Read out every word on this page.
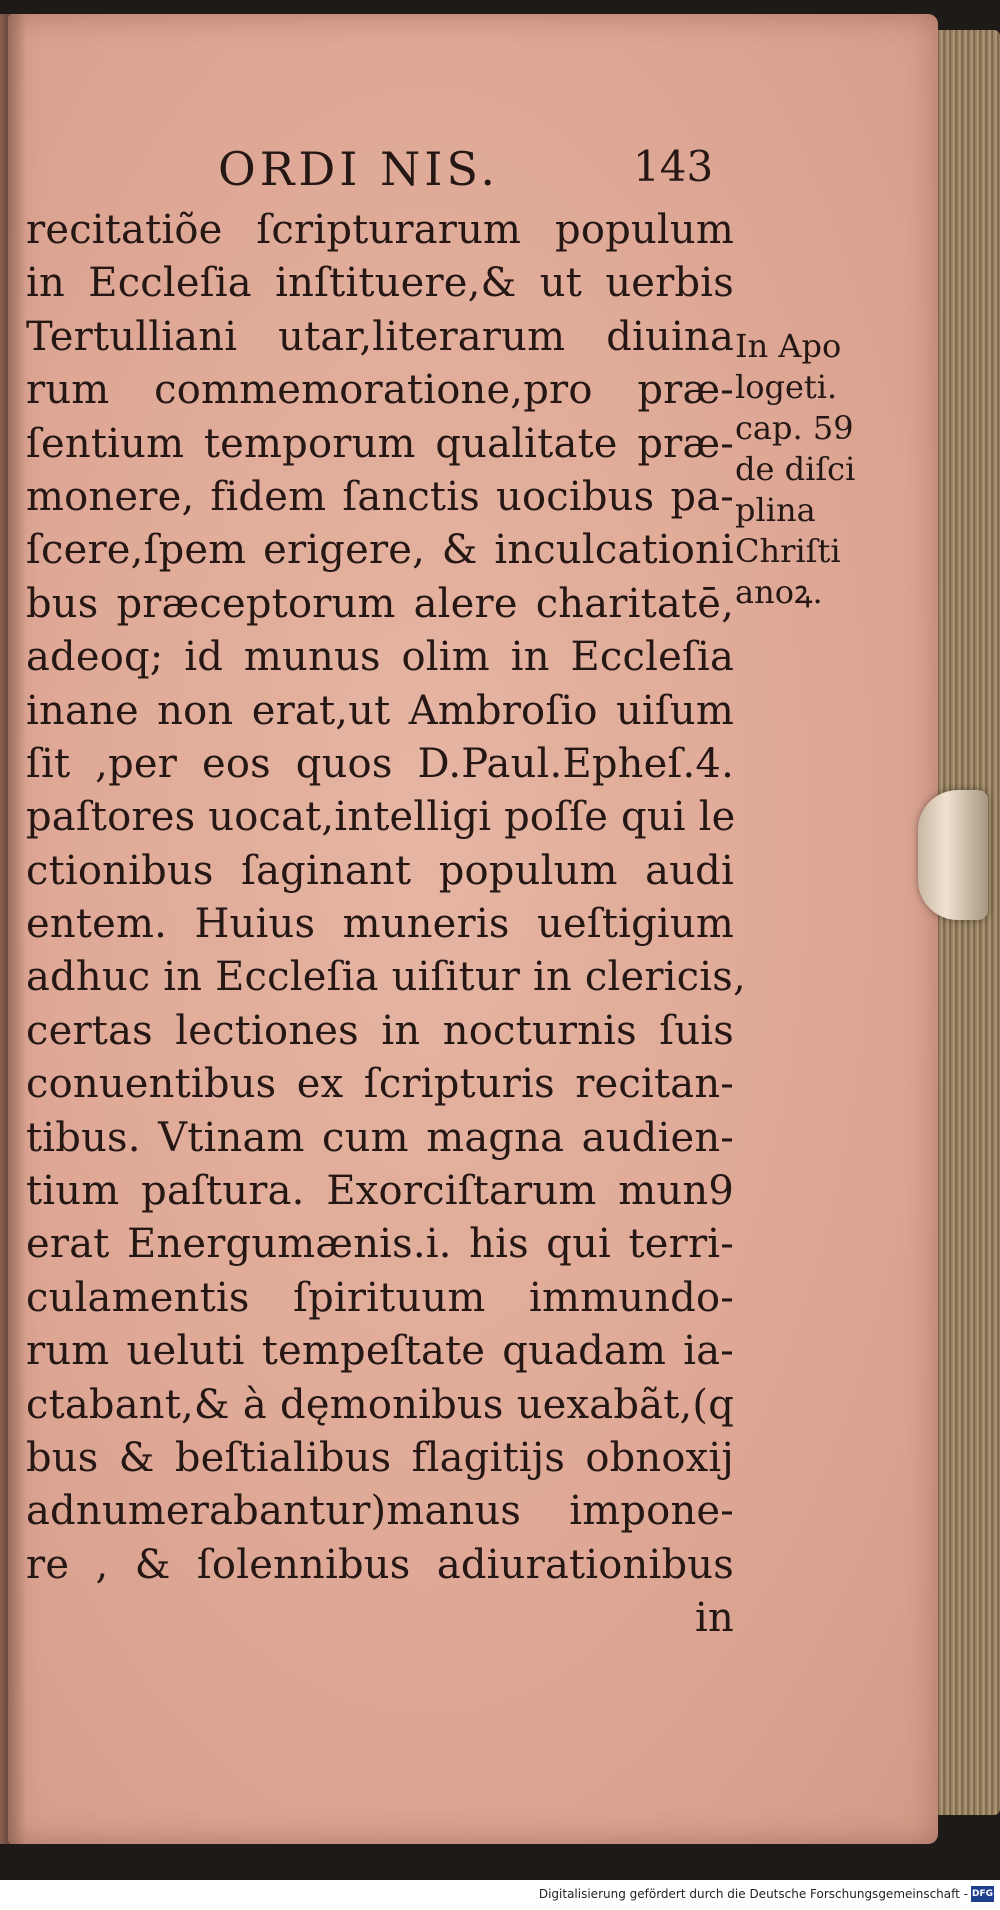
ORDI NIS.	143
recitatiõe ſcripturarum populum
in Eccleſia inſtituere,& ut uerbis
Tertulliani utar,literarum diuina
rum commemoratione,pro præ-
ſentium temporum qualitate præ-
monere, fidem ſanctis uocibus pa-
ſcere,ſpem erigere, & inculcationi
bus præceptorum alere charitatē,
adeoq; id munus olim in Eccleſia
inane non erat,ut Ambroſio uiſum
ſit ,per eos quos D.Paul.Epheſ.4.
paſtores uocat,intelligi poſſe qui le
ctionibus ſaginant populum audi
entem. Huius muneris ueſtigium
adhuc in Eccleſia uiſitur in clericis,
certas lectiones in nocturnis ſuis
conuentibus ex ſcripturis recitan-
tibus. Vtinam cum magna audien-
tium paſtura. Exorciſtarum mun9
erat Energumænis.i. his qui terri-
culamentis ſpirituum immundo-
rum ueluti tempeſtate quadam ia-
ctabant,& à dęmonibus uexabãt,(q
bus & beſtialibus flagitijs obnoxij
adnumerabantur)manus impone-
re , & ſolennibus adiurationibus
in
In Apo
logeti.
cap. 59
de diſci
plina
Chriſti
anoꝝ.
Digitalisierung gefördert durch die Deutsche Forschungsgemeinschaft - DFG
